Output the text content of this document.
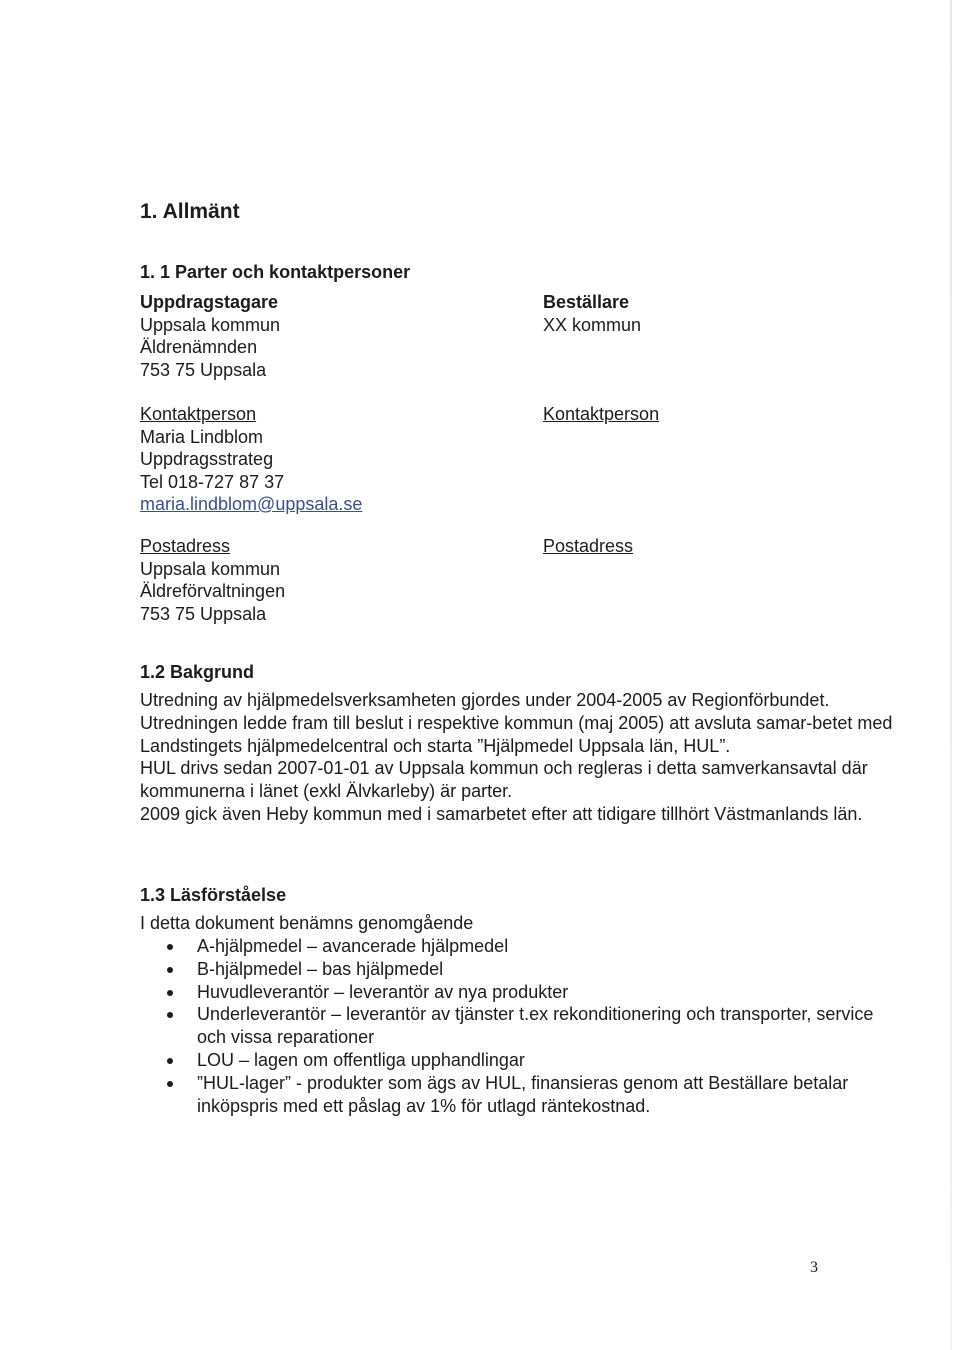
1. Allmänt
1. 1 Parter och kontaktpersoner
Uppdragstagare
Uppsala kommun
Äldrenämnden
753 75 Uppsala
Kontaktperson
Maria Lindblom
Uppdragsstrateg
Tel 018-727 87 37
maria.lindblom@uppsala.se
Postadress
Uppsala kommun
Äldreförvaltningen
753 75 Uppsala
Beställare
XX kommun
Kontaktperson
Postadress
1.2 Bakgrund

Utredning av hjälpmedelsverksamheten gjordes under 2004-2005 av Regionförbundet. Utredningen ledde fram till beslut i respektive kommun (maj 2005) att avsluta samar-betet med Landstingets hjälpmedelcentral och starta ”Hjälpmedel Uppsala län, HUL”.

HUL drivs sedan 2007-01-01 av Uppsala kommun och regleras i detta samverkansavtal där kommunerna i länet (exkl Älvkarleby) är parter.

2009 gick även Heby kommun med i samarbetet efter att tidigare tillhört Västmanlands län.

1.3 Läsförståelse
I detta dokument benämns genomgående
A-hjälpmedel – avancerade hjälpmedel
B-hjälpmedel – bas hjälpmedel
Huvudleverantör – leverantör av nya produkter
Underleverantör – leverantör av tjänster t.ex rekonditionering och transporter, service och vissa reparationer
LOU – lagen om offentliga upphandlingar
”HUL-lager” - produkter som ägs av HUL, finansieras genom att Beställare betalar inköpspris med ett påslag av 1% för utlagd räntekostnad.
3
